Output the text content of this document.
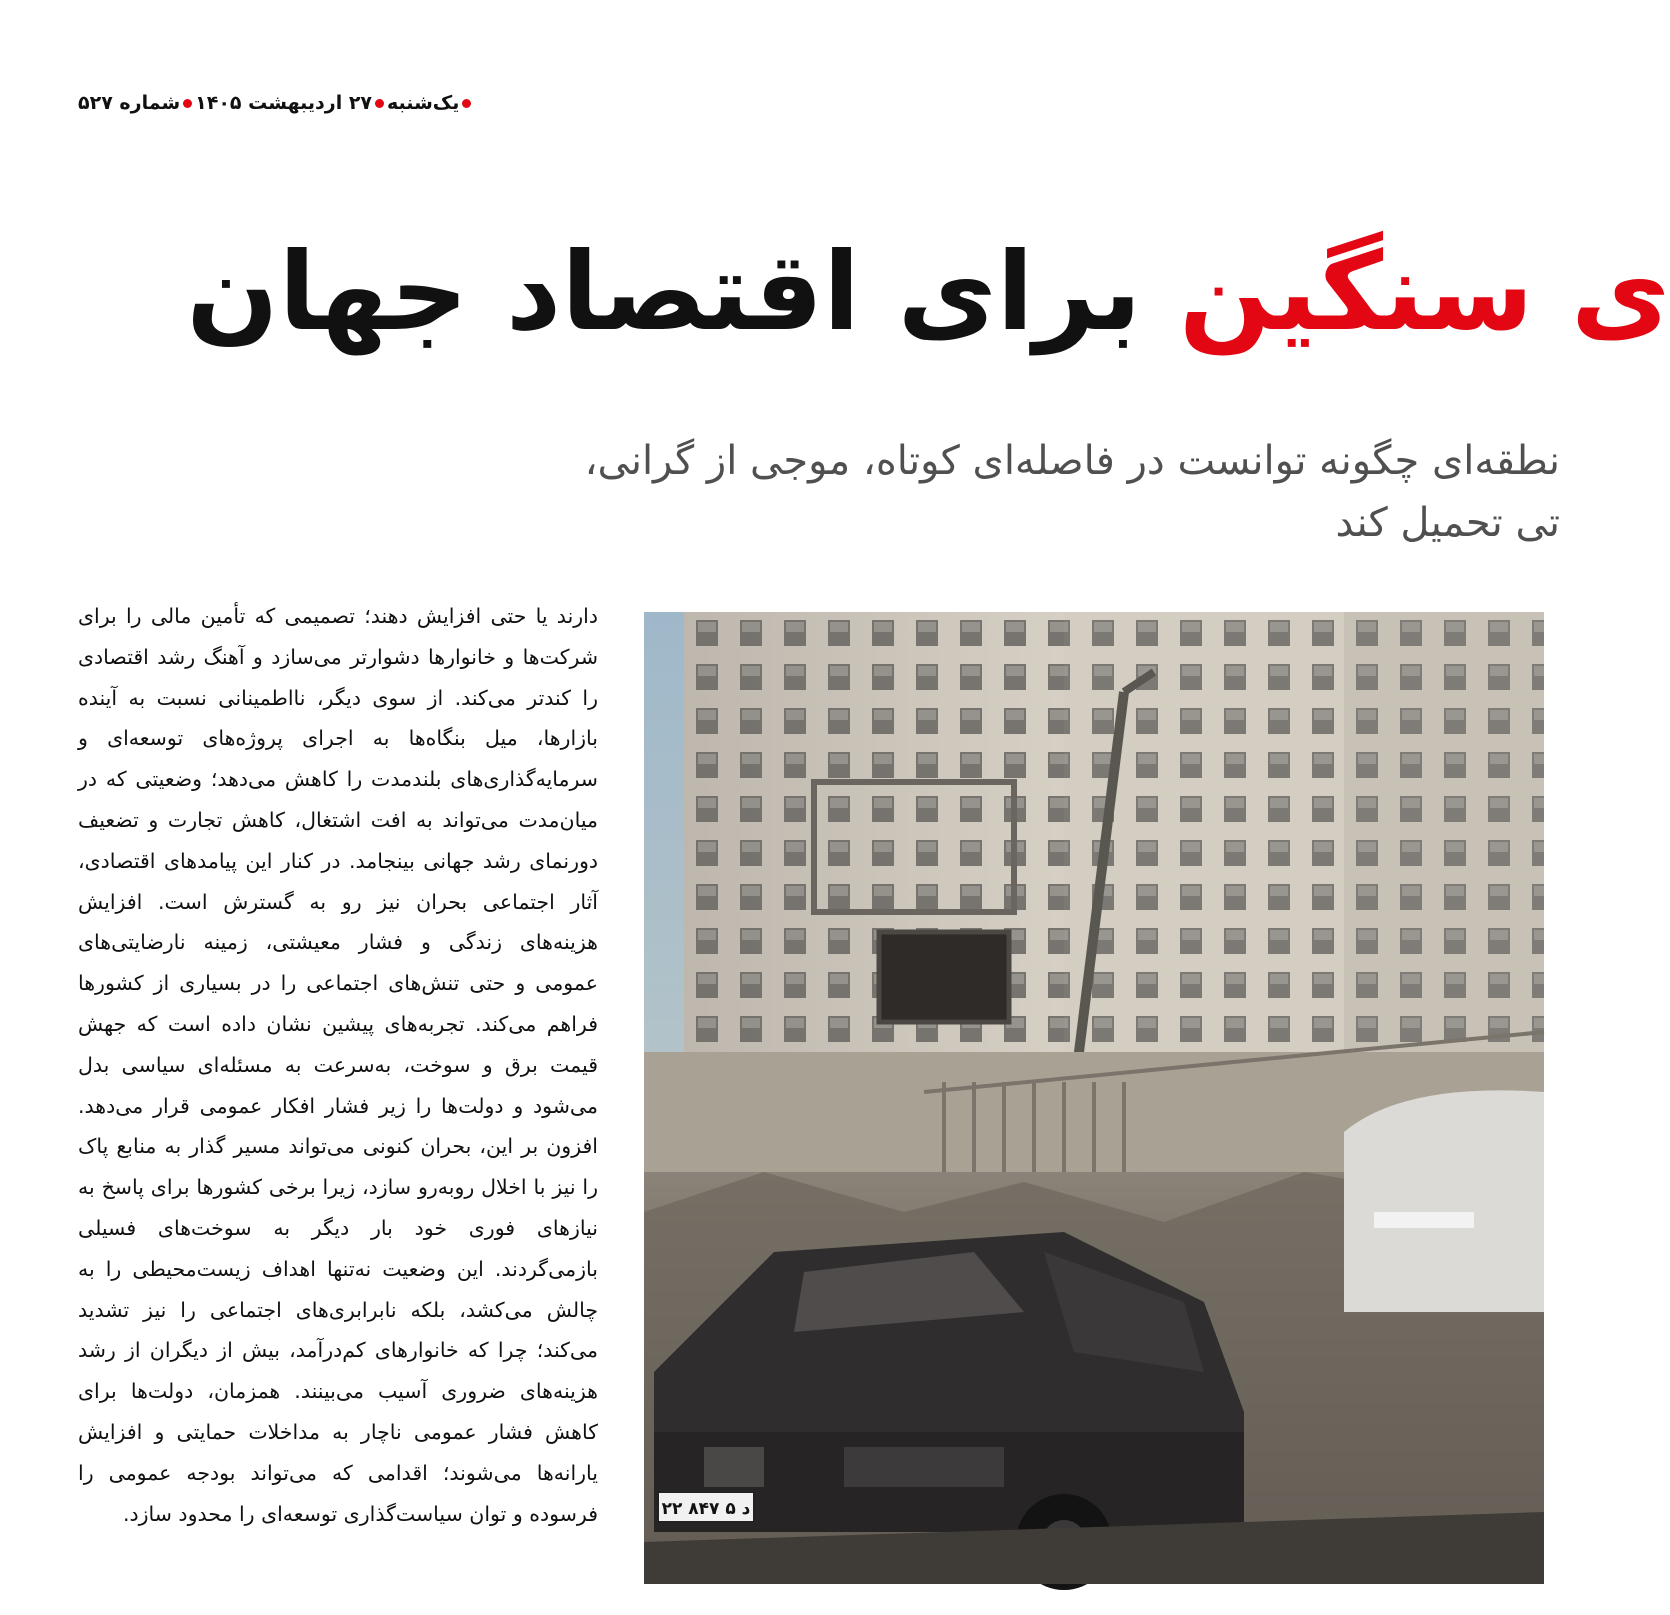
یک‌شنبه
۲۷ اردیبهشت ۱۴۰۵
شماره ۵۲۷
ی سنگین برای اقتصاد جهان
نطقه‌ای چگونه توانست در فاصله‌ای کوتاه، موجی از گرانی،
تی تحمیل کند
دارند یا حتی افزایش دهند؛ تصمیمی که تأمین مالی را برای شرکت‌ها و خانوارها دشوارتر می‌سازد و آهنگ رشد اقتصادی را کندتر می‌کند. از سوی دیگر، نااطمینانی نسبت به آینده بازارها، میل بنگاه‌ها به اجرای پروژه‌های توسعه‌ای و سرمایه‌گذاری‌های بلندمدت را کاهش می‌دهد؛ وضعیتی که در میان‌مدت می‌تواند به افت اشتغال، کاهش تجارت و تضعیف دورنمای رشد جهانی بینجامد. در کنار این پیامدهای اقتصادی، آثار اجتماعی بحران نیز رو به گسترش است. افزایش هزینه‌های زندگی و فشار معیشتی، زمینه نارضایتی‌های عمومی و حتی تنش‌های اجتماعی را در بسیاری از کشورها فراهم می‌کند. تجربه‌های پیشین نشان داده است که جهش قیمت برق و سوخت، به‌سرعت به مسئله‌ای سیاسی بدل می‌شود و دولت‌ها را زیر فشار افکار عمومی قرار می‌دهد. افزون بر این، بحران کنونی می‌تواند مسیر گذار به منابع پاک را نیز با اخلال روبه‌رو سازد، زیرا برخی کشورها برای پاسخ به نیازهای فوری خود بار دیگر به سوخت‌های فسیلی بازمی‌گردند. این وضعیت نه‌تنها اهداف زیست‌محیطی را به چالش می‌کشد، بلکه نابرابری‌های اجتماعی را نیز تشدید می‌کند؛ چرا که خانوارهای کم‌درآمد، بیش از دیگران از رشد هزینه‌های ضروری آسیب می‌بینند. همزمان، دولت‌ها برای کاهش فشار عمومی ناچار به مداخلات حمایتی و افزایش یارانه‌ها می‌شوند؛ اقدامی که می‌تواند بودجه عمومی را فرسوده و توان سیاست‌گذاری توسعه‌ای را محدود سازد.	۲۲ ۸۴۷ د ۵
